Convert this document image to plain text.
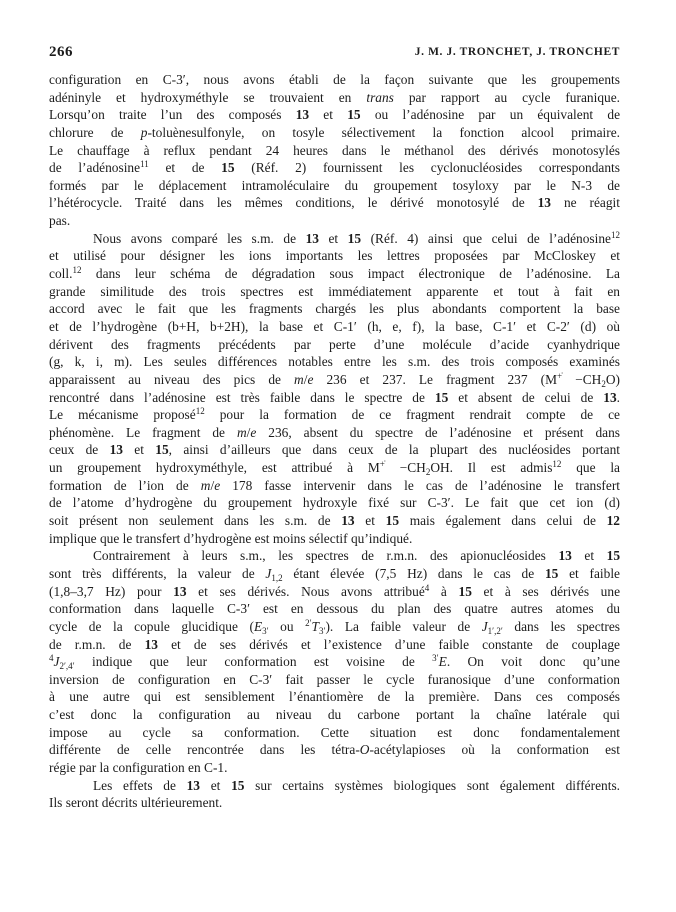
266	J. M. J. TRONCHET, J. TRONCHET
configuration en C-3′, nous avons établi de la façon suivante que les groupements
adéninyle et hydroxyméthyle se trouvaient en trans par rapport au cycle furanique.
Lorsqu’on traite l’un des composés 13 et 15 ou l’adénosine par un équivalent de
chlorure de p-toluènesulfonyle, on tosyle sélectivement la fonction alcool primaire.
Le chauffage à reflux pendant 24 heures dans le méthanol des dérivés monotosylés
de l’adénosine$^{11}$ et de 15 (Réf. 2) fournissent les cyclonucléosides correspondants
formés par le déplacement intramoléculaire du groupement tosyloxy par le N-3 de
l’hétérocycle. Traité dans les mêmes conditions, le dérivé monotosylé de 13 ne réagit
pas.
Nous avons comparé les s.m. de 13 et 15 (Réf. 4) ainsi que celui de l’adénosine$^{12}$
et utilisé pour désigner les ions importants les lettres proposées par McCloskey et
coll.$^{12}$ dans leur schéma de dégradation sous impact électronique de l’adénosine. La
grande similitude des trois spectres est immédiatement apparente et tout à fait en
accord avec le fait que les fragments chargés les plus abondants comportent la base
et de l’hydrogène (b+H, b+2H), la base et C-1′ (h, e, f), la base, C-1′ et C-2′ (d) où
dérivent des fragments précédents par perte d’une molécule d’acide cyanhydrique
(g, k, i, m). Les seules différences notables entre les s.m. des trois composés examinés
apparaissent au niveau des pics de m/e 236 et 237. Le fragment 237 $(M^{+̇} -CH_2O)$
rencontré dans l’adénosine est très faible dans le spectre de 15 et absent de celui de 13.
Le mécanisme proposé$^{12}$ pour la formation de ce fragment rendrait compte de ce
phénomène. Le fragment de m/e 236, absent du spectre de l’adénosine et présent dans
ceux de 13 et 15, ainsi d’ailleurs que dans ceux de la plupart des nucléosides portant
un groupement hydroxyméthyle, est attribué à $M^{+̇} -CH_2OH$. Il est admis$^{12}$ que la
formation de l’ion de m/e 178 fasse intervenir dans le cas de l’adénosine le transfert
de l’atome d’hydrogène du groupement hydroxyle fixé sur C-3′. Le fait que cet ion (d)
soit présent non seulement dans les s.m. de 13 et 15 mais également dans celui de 12
implique que le transfert d’hydrogène est moins sélectif qu’indiqué.
Contrairement à leurs s.m., les spectres de r.m.n. des apionucléosides 13 et 15
sont très différents, la valeur de $J_{1,2}$ étant élevée (7,5 Hz) dans le cas de 15 et faible
(1,8–3,7 Hz) pour 13 et ses dérivés. Nous avons attribué$^4$ à 15 et à ses dérivés une
conformation dans laquelle C-3′ est en dessous du plan des quatre autres atomes du
cycle de la copule glucidique ($E_{3'}$ ou $^{2'}T_{3'}$). La faible valeur de $J_{1',2'}$ dans les spectres
de r.m.n. de 13 et de ses dérivés et l’existence d’une faible constante de couplage
$^4J_{2',4'}$ indique que leur conformation est voisine de $^{3'}$E. On voit donc qu’une
inversion de configuration en C-3′ fait passer le cycle furanosique d’une conformation
à une autre qui est sensiblement l’énantiomère de la première. Dans ces composés
c’est donc la configuration au niveau du carbone portant la chaîne latérale qui
impose au cycle sa conformation. Cette situation est donc fondamentalement
différente de celle rencontrée dans les tétra-O-acétylapioses où la conformation est
régie par la configuration en C-1.
Les effets de 13 et 15 sur certains systèmes biologiques sont également différents.
Ils seront décrits ultérieurement.
